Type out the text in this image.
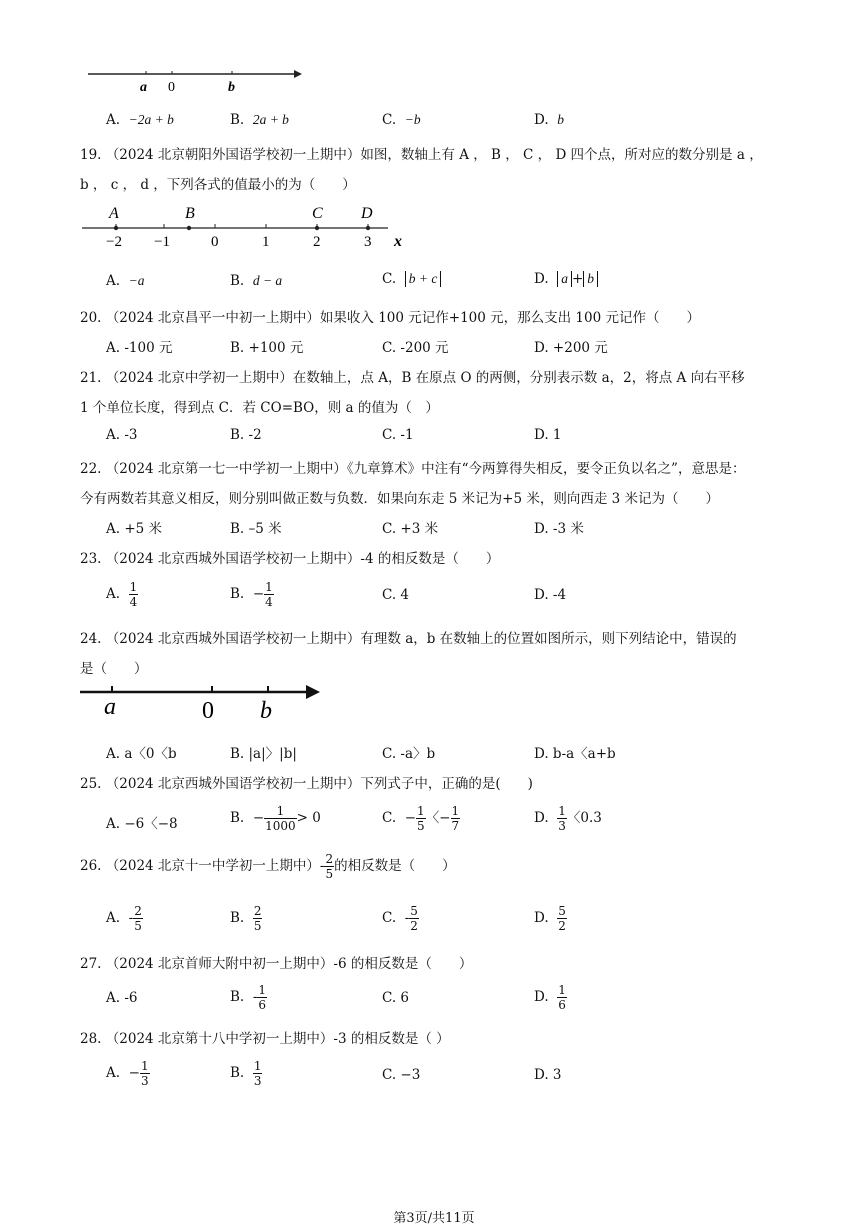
a 0	b
A. −2a + b	B. 2a + b	C. −b	D. b
19. （2024 北京朝阳外国语学校初一上期中）如图，数轴上有 A ， B ， C ， D 四个点，所对应的数分别是 a ，
b ， c ， d ，下列各式的值最小的为（　　）
A	B	C D
−2 −1	0	1	2	3 x
A. −a	B. d − a	C. b + c	D. a + b
20. （2024 北京昌平一中初一上期中）如果收入 100 元记作+100 元，那么支出 100 元记作（　　）
A. -100 元	B. +100 元	C. -200 元	D. +200 元
21. （2024 北京中学初一上期中）在数轴上，点 A，B 在原点 O 的两侧，分别表示数 a，2，将点 A 向右平移
1 个单位长度，得到点 C．若 CO=BO，则 a 的值为（　）
A. -3	B. -2	C. -1	D. 1
22. （2024 北京第一七一中学初一上期中）《九章算术》中注有“今两算得失相反，要令正负以名之”，意思是：
今有两数若其意义相反，则分别叫做正数与负数．如果向东走 5 米记为+5 米，则向西走 3 米记为（　　）
A. +5 米	B. –5 米	C. +3 米	D. -3 米
23. （2024 北京西城外国语学校初一上期中）-4 的相反数是（　　）
A. $\frac{1}{4}$	B. − $\frac{1}{4}$	C. 4	D. -4
24. （2024 北京西城外国语学校初一上期中）有理数 a，b 在数轴上的位置如图所示，则下列结论中，错误的
是（　　）
a	0 b
A. a〈0〈b	B. |a|〉|b|	C. -a〉b	D. b-a〈a+b
25. （2024 北京西城外国语学校初一上期中）下列式子中，正确的是(　　)
A. −6〈−8	B. − $\frac{1}{1000} > 0$	C. − $\frac{1}{5}$ 〈− $\frac{1}{7}$	D. $\frac{1}{3}$ 〈0.3
26. （2024 北京十一中学初一上期中）- $\frac{2}{5}$ 的相反数是（　　）
A. - $\frac{2}{5}$	B. $\frac{2}{5}$	C. - $\frac{5}{2}$	D. $\frac{5}{2}$
27. （2024 北京首师大附中初一上期中）-6 的相反数是（　　）
A. -6	B. - $\frac{1}{6}$	C. 6	D. $\frac{1}{6}$
28. （2024 北京第十八中学初一上期中）-3 的相反数是（ ）
A. − $\frac{1}{3}$	B. $\frac{1}{3}$	C. −3	D. 3
第3页/共11页
